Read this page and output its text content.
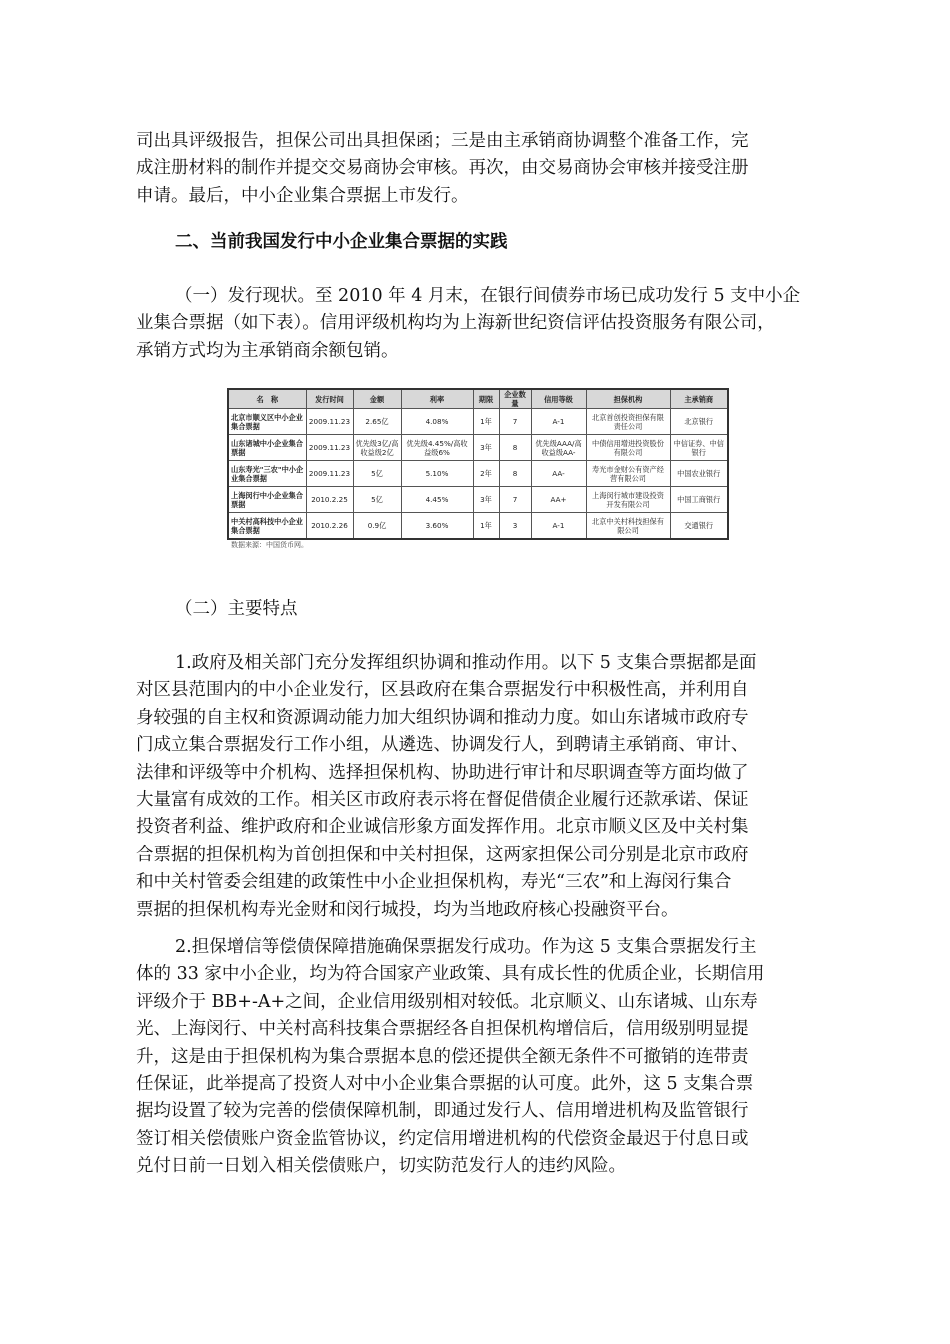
司出具评级报告，担保公司出具担保函；三是由主承销商协调整个准备工作，完
成注册材料的制作并提交交易商协会审核。再次，由交易商协会审核并接受注册
申请。最后，中小企业集合票据上市发行。
二、当前我国发行中小企业集合票据的实践
（一）发行现状。至 2010 年 4 月末，在银行间债券市场已成功发行 5 支中小企
业集合票据（如下表）。信用评级机构均为上海新世纪资信评估投资服务有限公司，
承销方式均为主承销商余额包销。
名　称	发行时间	金额	利率	期限	企业数量	信用等级	担保机构	主承销商
北京市顺义区中小企业集合票据	2009.11.23	2.65亿	4.08%	1年	7	A-1	北京首创投资担保有限责任公司	北京银行
山东诸城中小企业集合票据	2009.11.23	优先级3亿/高收益级2亿	优先级4.45%/高收益级6%	3年	8	优先级AAA/高收益级AA-	中债信用增进投资股份有限公司	中信证券、中信银行
山东寿光"三农"中小企业集合票据	2009.11.23	5亿	5.10%	2年	8	AA-	寿光市金财公有资产经营有限公司	中国农业银行
上海闵行中小企业集合票据	2010.2.25	5亿	4.45%	3年	7	AA+	上海闵行城市建设投资开发有限公司	中国工商银行
中关村高科技中小企业集合票据	2010.2.26	0.9亿	3.60%	1年	3	A-1	北京中关村科技担保有限公司	交通银行
数据来源：中国货币网。
（二）主要特点
1.政府及相关部门充分发挥组织协调和推动作用。以下 5 支集合票据都是面
对区县范围内的中小企业发行，区县政府在集合票据发行中积极性高，并利用自
身较强的自主权和资源调动能力加大组织协调和推动力度。如山东诸城市政府专
门成立集合票据发行工作小组，从遴选、协调发行人，到聘请主承销商、审计、
法律和评级等中介机构、选择担保机构、协助进行审计和尽职调查等方面均做了
大量富有成效的工作。相关区市政府表示将在督促借债企业履行还款承诺、保证
投资者利益、维护政府和企业诚信形象方面发挥作用。北京市顺义区及中关村集
合票据的担保机构为首创担保和中关村担保，这两家担保公司分别是北京市政府
和中关村管委会组建的政策性中小企业担保机构，寿光“三农”和上海闵行集合
票据的担保机构寿光金财和闵行城投，均为当地政府核心投融资平台。
2.担保增信等偿债保障措施确保票据发行成功。作为这 5 支集合票据发行主
体的 33 家中小企业，均为符合国家产业政策、具有成长性的优质企业，长期信用
评级介于 BB+-A+之间，企业信用级别相对较低。北京顺义、山东诸城、山东寿
光、上海闵行、中关村高科技集合票据经各自担保机构增信后，信用级别明显提
升，这是由于担保机构为集合票据本息的偿还提供全额无条件不可撤销的连带责
任保证，此举提高了投资人对中小企业集合票据的认可度。此外，这 5 支集合票
据均设置了较为完善的偿债保障机制，即通过发行人、信用增进机构及监管银行
签订相关偿债账户资金监管协议，约定信用增进机构的代偿资金最迟于付息日或
兑付日前一日划入相关偿债账户，切实防范发行人的违约风险。
